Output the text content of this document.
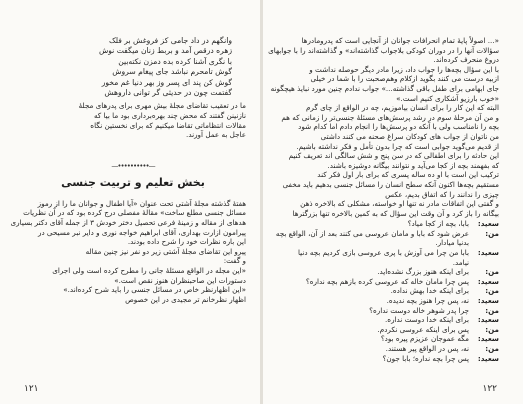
وانگهم در داد جامی کز فروغش بر فلک
زهره درقص آمد و بربط زنان میگفت نوش
با نگری آشنا کرده بده دمزن نکته‌بین
گوش تامحرم نباشد جای پیغام سروش
گوش کن پند ای پسر وز بهر دنیا غم مخور
گفتمت چون در حدیثی گر توانی داروهش
ما در تعقیب تقاضای مجلۀ بیش مهری برای پدرهای مجلۀ
نازنینن گفتند که محض چند بهره‌برداری بود ما بیا که
مقالات انتظاماتی تقاضا میکنیم که برای نخستین نگاه
عاجل به عمل آورند.
—••••••••••—
بخش تعلیم و تربیت جنسی
هفتۀ گذشته مجلۀ آشتی تحت عنوان «آیا اطفال و جوانان ما را از رموز
مسائل جنسی مطلع ساخت» مقالۀ مفصلی درج کرده بود که در آن نظریات
هدهای از مقاله و زمینۀ فرعی تحصیل دختر خودش ۳ از جمله آقای دکتر بسیاری
پیرامون ازارت بهداری، آقای ابراهیم خواجه نوری و دایر نبر مسیحی در
این باره نظرات خود را شرح داده بودند.
پیرو این تقاضای مجلۀ آشتی زیر دو نفر نیز چنین مقاله
و گفت:
«این مجله در الواقع مسئلۀ جانی را مطرح کرده است ولی اجرای
دستورات این صاحبنظران هنوز نقص است.»
«این اظهارنظر خاص در مسائل جنسی را باید شرح کرده‌اند.»
اظهار نظرخانم تر مجیدی در این خصوص
۱۲۱
«... اصولاً پایۀ تمام انحرافات جوانان از آنجایی است که پدرومادرها
سؤالات آنها را در دوران کودکی بلاجواب گذاشته‌اند» و گذاشته‌اند را با جوابهای
دروغ منحرف کرده‌اند.
با این سؤال بچه‌ها را جواب داد، زیرا مادر دیگر حوصله نداشت و
ازبیه درست می کنند بگوید ازکلام وهم‌صحبت را با شما در خیلی
جای ابهامی برای طفل باقی گذاشته...» جواب ندادم چنین مورد نبایذ هیچگونه
«خوب بارزیو آشکاری کنیم است.»
البته که این کار را برای انسان بیاموزیم، چه در الواقع از چای گرم
و من آن مرحلۀ سوم در رشد پرسش‌های مسئلۀ جنسی‌تر را زمانی که هم
بچه را نامناسب ولی با آنکه دو پرسش‌ها را انجام دادم اما کدام شود
من ناتوان از جواب های کودکان سراغ صحنه می کنند داشتی
از قدیم می‌گوید جوابی است که چرا بدون تأمل و فکر نداشته باشیم.
این حادثه را برای اطفالی که در سن پنج و شش سالگی اند تعریف کنیم
که بفهمند بچه از کجا می‌آید و نتوانند بیگانه دوشیزه باشند.
ترکیب این است با او ده ساله پسری که برای بار اول فکر کند
مستقیم بچه‌ها اکنون آنکه سطح انسان را مسائل جنسی بدهیم باید مخفی
چیزی را ندانند را که اتفاق بدیم، عکس
و گفتی این اتفاقات مادر نه تنها او خواسته، مشکلی که بالاخره ذهن
بیگانه را باز کرد و آن وقت این سؤال که به کمین بالاخره تنها بزرگترها
سعید:
بابا، بچه از کجا میاد؟
من:
عرض شود که بابا و مامان عروسی می کنند بعد از آن، الواقع بچه
بدنیا میادار.
سعید:
بابا من چرا می آوزش با پری عروسی بازی کردیم بچه دنیا
نیامد.
من:
برای اینکه هنوز بزرگ نشده‌اید.
سعید:
پس چرا مامان خاله که عروسی کرده بازهم بچه نداره؟
من:
برای اینکه خدا بهش نداده.
سعید:
نه، پس چرا هنوز بچه ندیده.
من:
چرا پدر شوهر خاله دوست نداره؟
سعید:
برای اینکه خدا دوست نداره.
من:
پس برای اینکه عروسی نکردم.
سعید:
مگه عموجان عزیزم پیره بود؟
من:
نه، پس در الواقع پیر هستند.
سعید:
پس چرا بچه نداره؛ بابا جون؟
۱۲۲
